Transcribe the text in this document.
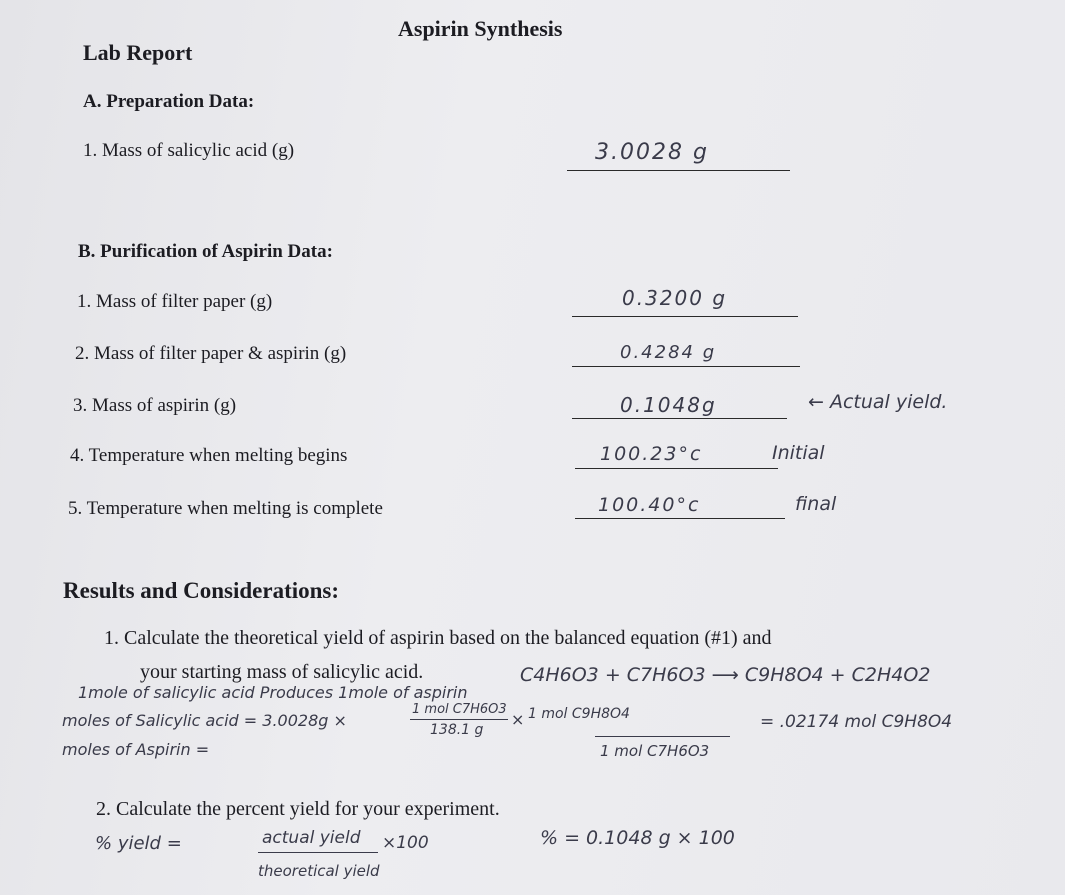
Aspirin Synthesis
Lab Report
A. Preparation Data:
1. Mass of salicylic acid (g)	3.0028 g
B. Purification of Aspirin Data:
1. Mass of filter paper (g)	0.3200 g
2. Mass of filter paper & aspirin (g)	0.4284 g
3. Mass of aspirin (g)	0.1048g	← Actual yield.
4. Temperature when melting begins	100.23°c	Initial
5. Temperature when melting is complete	100.40°c	final
Results and Considerations:
1. Calculate the theoretical yield of aspirin based on the balanced equation (#1) and
your starting mass of salicylic acid.	C4H6O3 + C7H6O3 ⟶ C9H8O4 + C2H4O2
1mole of salicylic acid Produces 1mole of aspirin
moles of Salicylic acid = 3.0028g ×
1 mol C7H6O3
138.1 g
× 1 mol C9H8O4
1 mol C7H6O3
= .02174 mol C9H8O4
moles of Aspirin =
2. Calculate the percent yield for your experiment.
% yield =	actual yield
theoretical yield
×100	% = 0.1048 g × 100
